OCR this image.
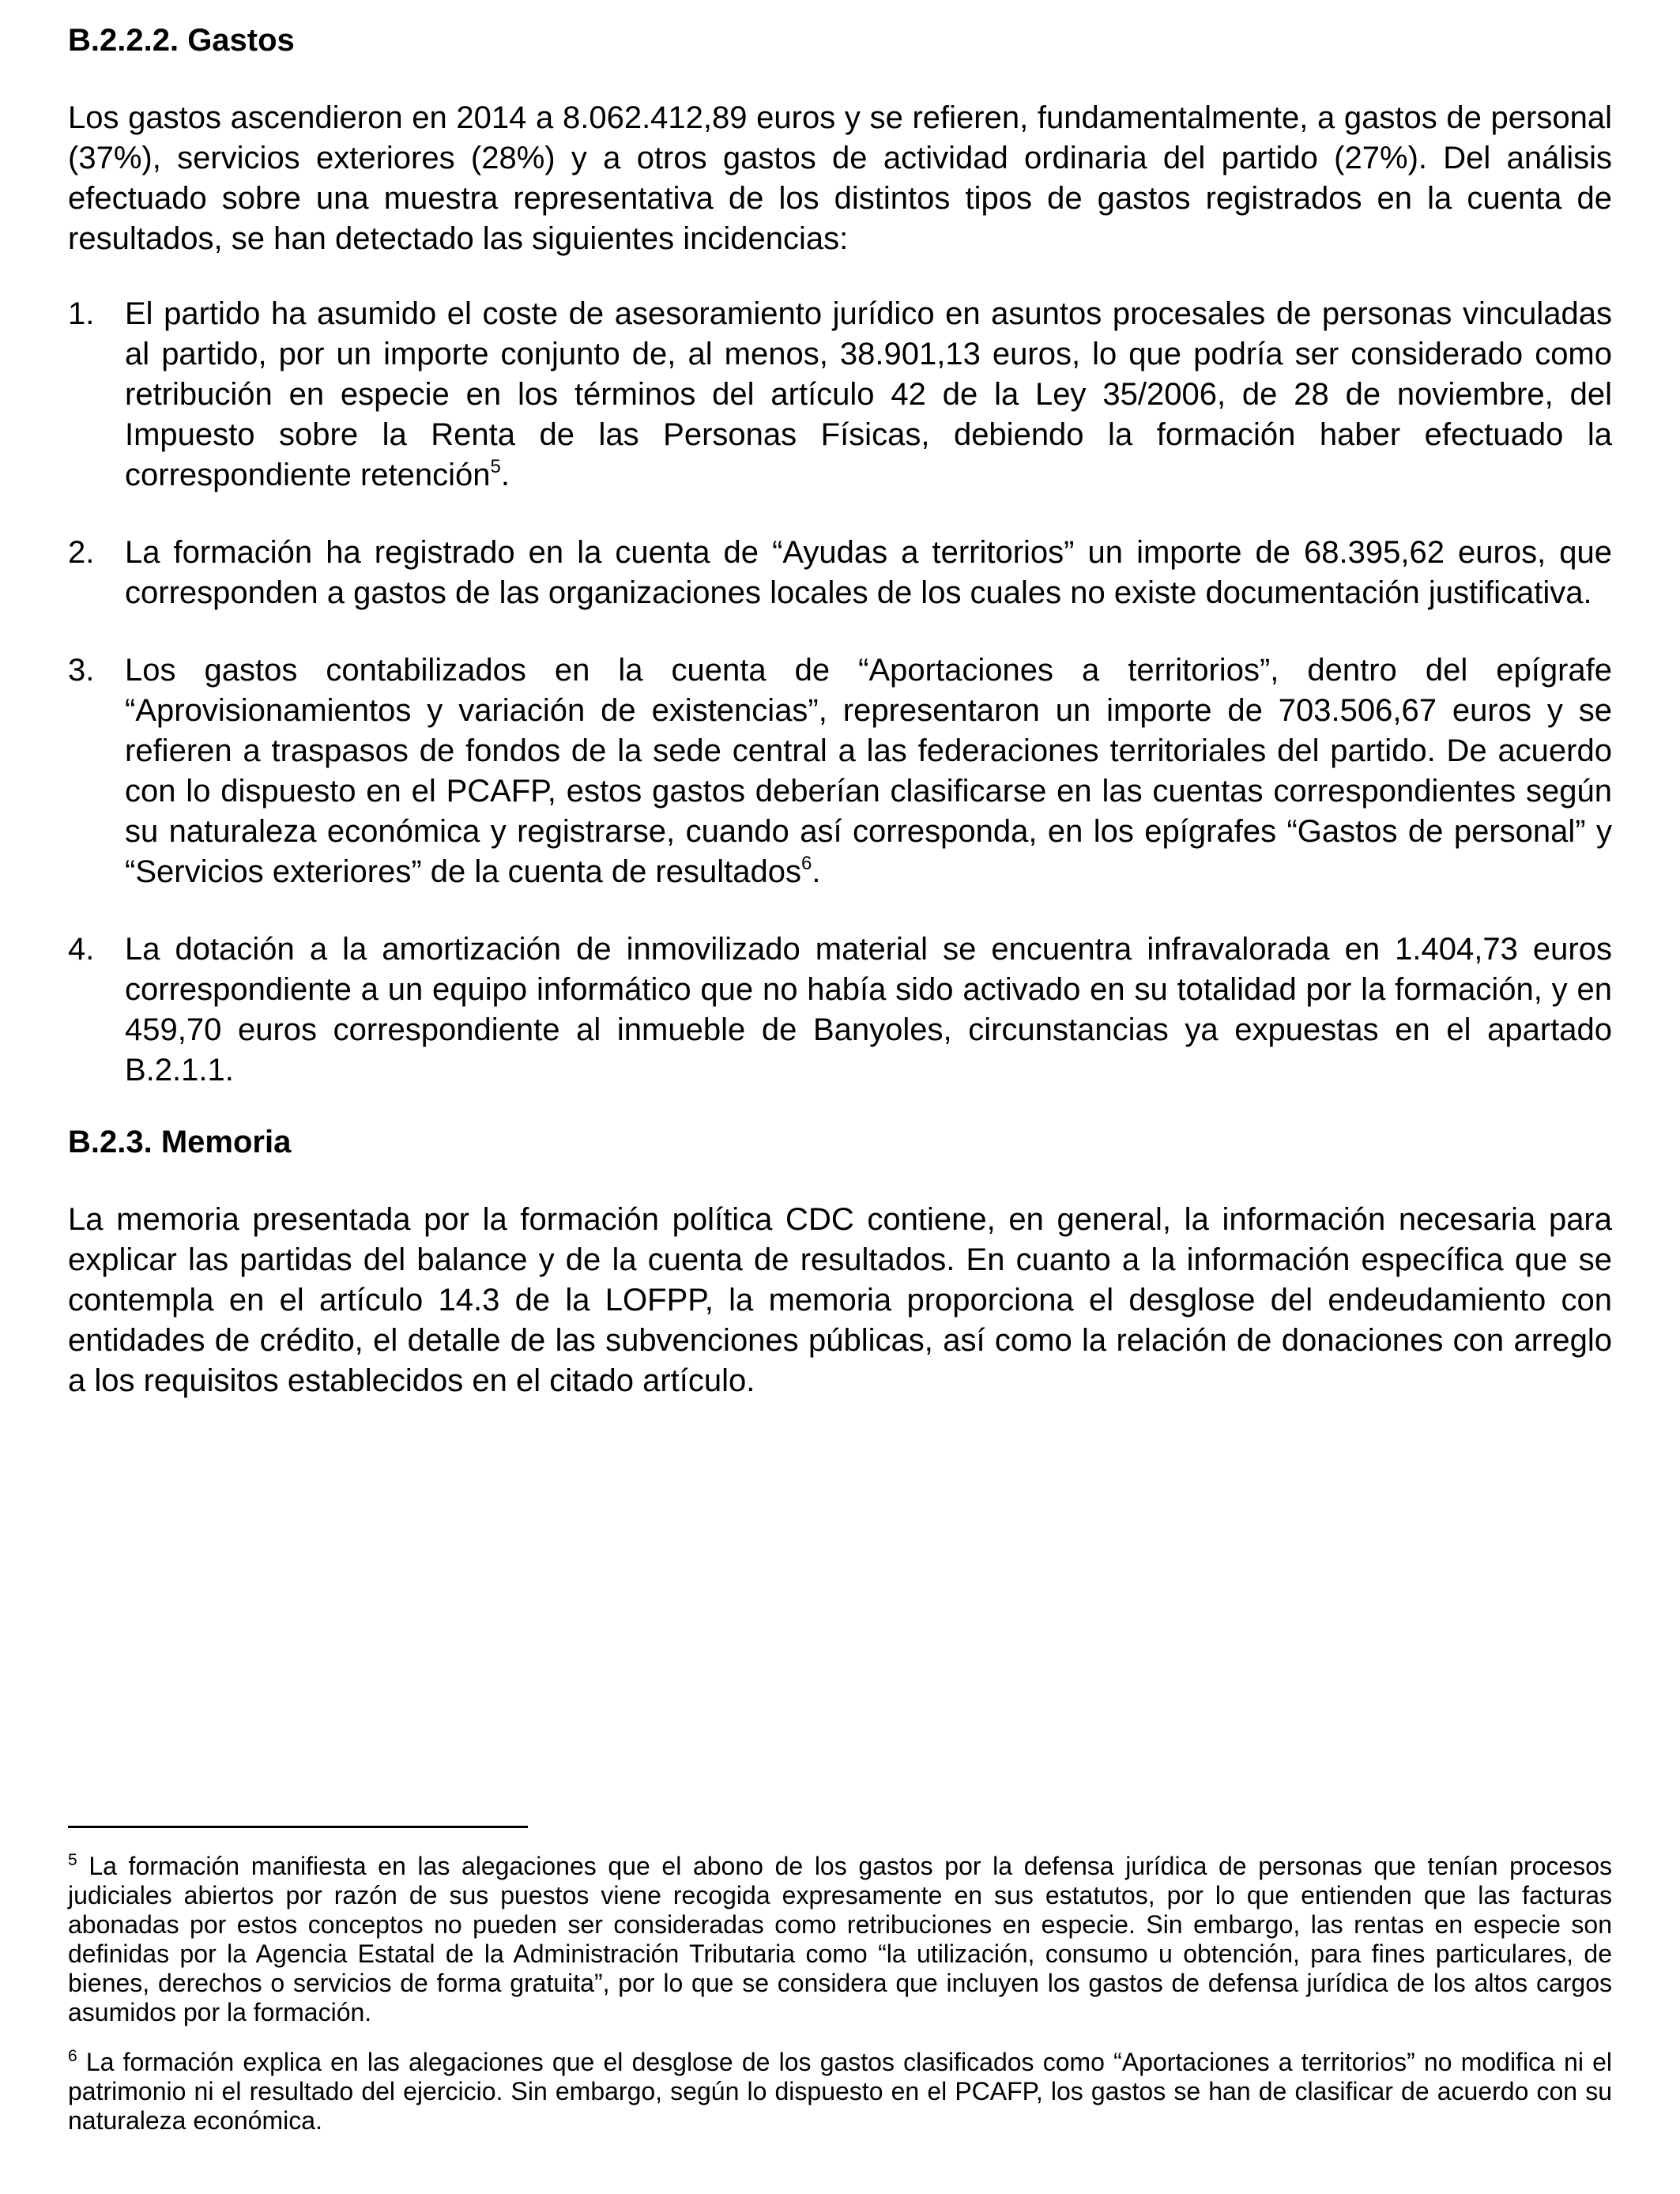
B.2.2.2. Gastos

Los gastos ascendieron en 2014 a 8.062.412,89 euros y se refieren, fundamentalmente, a gastos de personal (37%), servicios exteriores (28%) y a otros gastos de actividad ordinaria del partido (27%). Del análisis efectuado sobre una muestra representativa de los distintos tipos de gastos registrados en la cuenta de resultados, se han detectado las siguientes incidencias:

1. El partido ha asumido el coste de asesoramiento jurídico en asuntos procesales de personas vinculadas al partido, por un importe conjunto de, al menos, 38.901,13 euros, lo que podría ser considerado como retribución en especie en los términos del artículo 42 de la Ley 35/2006, de 28 de noviembre, del Impuesto sobre la Renta de las Personas Físicas, debiendo la formación haber efectuado la correspondiente retención$^5$.
2. La formación ha registrado en la cuenta de “Ayudas a territorios” un importe de 68.395,62 euros, que corresponden a gastos de las organizaciones locales de los cuales no existe documentación justificativa.
3. Los gastos contabilizados en la cuenta de “Aportaciones a territorios”, dentro del epígrafe “Aprovisionamientos y variación de existencias”, representaron un importe de 703.506,67 euros y se refieren a traspasos de fondos de la sede central a las federaciones territoriales del partido. De acuerdo con lo dispuesto en el PCAFP, estos gastos deberían clasificarse en las cuentas correspondientes según su naturaleza económica y registrarse, cuando así corresponda, en los epígrafes “Gastos de personal” y “Servicios exteriores” de la cuenta de resultados$^6$.
4. La dotación a la amortización de inmovilizado material se encuentra infravalorada en 1.404,73 euros correspondiente a un equipo informático que no había sido activado en su totalidad por la formación, y en 459,70 euros correspondiente al inmueble de Banyoles, circunstancias ya expuestas en el apartado B.2.1.1.
B.2.3. Memoria

La memoria presentada por la formación política CDC contiene, en general, la información necesaria para explicar las partidas del balance y de la cuenta de resultados. En cuanto a la información específica que se contempla en el artículo 14.3 de la LOFPP, la memoria proporciona el desglose del endeudamiento con entidades de crédito, el detalle de las subvenciones públicas, así como la relación de donaciones con arreglo a los requisitos establecidos en el citado artículo.

$^5$ La formación manifiesta en las alegaciones que el abono de los gastos por la defensa jurídica de personas que tenían procesos judiciales abiertos por razón de sus puestos viene recogida expresamente en sus estatutos, por lo que entienden que las facturas abonadas por estos conceptos no pueden ser consideradas como retribuciones en especie. Sin embargo, las rentas en especie son definidas por la Agencia Estatal de la Administración Tributaria como “la utilización, consumo u obtención, para fines particulares, de bienes, derechos o servicios de forma gratuita”, por lo que se considera que incluyen los gastos de defensa jurídica de los altos cargos asumidos por la formación.

$^6$ La formación explica en las alegaciones que el desglose de los gastos clasificados como “Aportaciones a territorios” no modifica ni el patrimonio ni el resultado del ejercicio. Sin embargo, según lo dispuesto en el PCAFP, los gastos se han de clasificar de acuerdo con su naturaleza económica.
